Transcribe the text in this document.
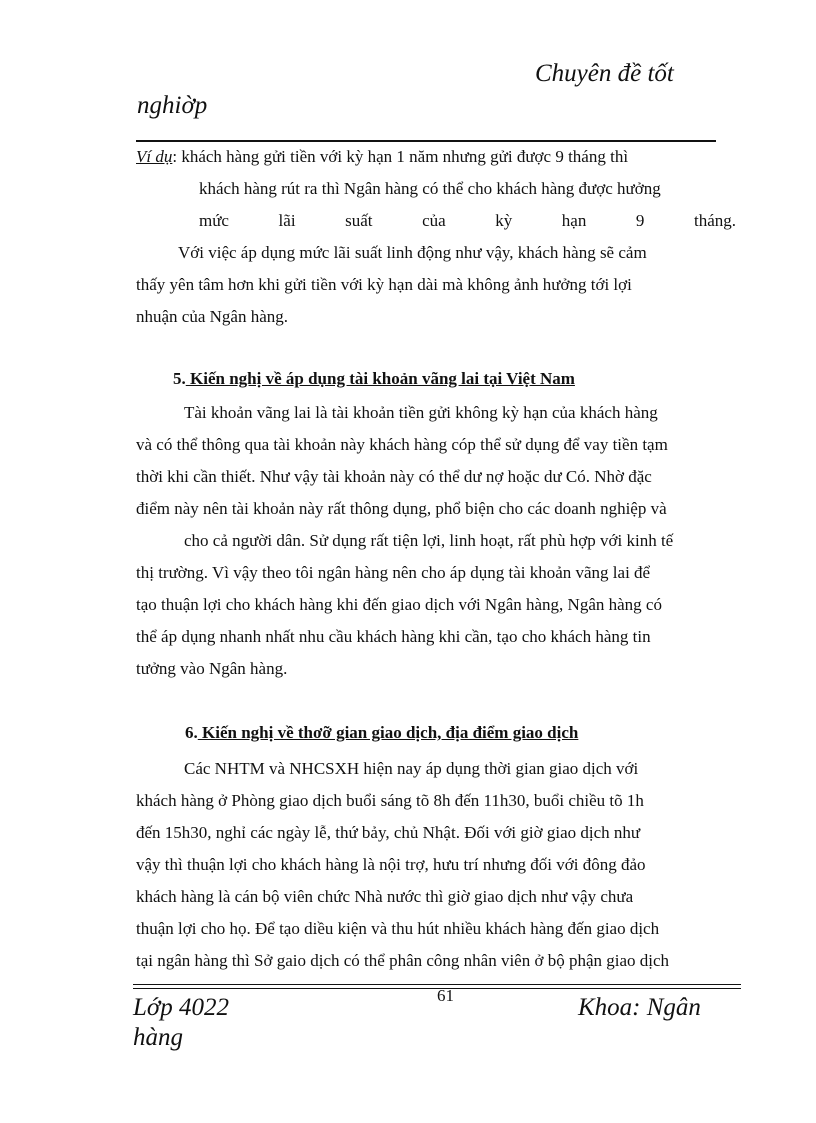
Chuyên đề tốt
nghiờp
Ví dụ: khách hàng gửi tiền với kỳ hạn 1 năm nhưng gửi được 9 tháng thì
khách hàng rút ra thì Ngân hàng có thể cho khách hàng được hưởng
mức lãi suất của kỳ hạn 9 tháng.
Với việc áp dụng mức lãi suất linh động như vậy, khách hàng sẽ cảm
thấy yên tâm hơn khi gửi tiền với kỳ hạn dài mà không ảnh hưởng tới lợi
nhuận của Ngân hàng.
5. Kiến nghị về áp dụng tài khoản vãng lai tại Việt Nam
Tài khoản vãng lai là tài khoản tiền gửi không kỳ hạn của khách hàng
và có thể thông qua tài khoản này khách hàng cóp thể sử dụng để vay tiền tạm
thời khi cần thiết. Như vậy tài khoản này có thể dư nợ hoặc dư Có. Nhờ đặc
điểm này nên tài khoản này rất thông dụng, phổ biện cho các doanh nghiệp và
cho cả người dân. Sử dụng rất tiện lợi, linh hoạt, rất phù hợp với kinh tế
thị trường. Vì vậy theo tôi ngân hàng nên cho áp dụng tài khoản vãng lai để
tạo thuận lợi cho khách hàng khi đến giao dịch với Ngân hàng, Ngân hàng có
thể áp dụng nhanh nhất nhu cầu khách hàng khi cần, tạo cho khách hàng tin
tưởng vào Ngân hàng.
6. Kiến nghị về thơỡ gian giao dịch, địa điểm giao dịch
Các NHTM và NHCSXH hiện nay áp dụng thời gian giao dịch với
khách hàng ở Phòng giao dịch buổi sáng tõ 8h đến 11h30, buổi chiều tõ 1h
đến 15h30, nghỉ các ngày lễ, thứ bảy, chủ Nhật. Đối với giờ giao dịch như
vậy thì thuận lợi cho khách hàng là nội trợ, hưu trí nhưng đối với đông đảo
khách hàng là cán bộ viên chức Nhà nước thì giờ giao dịch như vậy chưa
thuận lợi cho họ. Để tạo diều kiện và thu hút nhiều khách hàng đến giao dịch
tại ngân hàng thì Sở gaio dịch có thể phân công nhân viên ở bộ phận giao dịch
Lớp 4022
hàng
61	Khoa: Ngân
